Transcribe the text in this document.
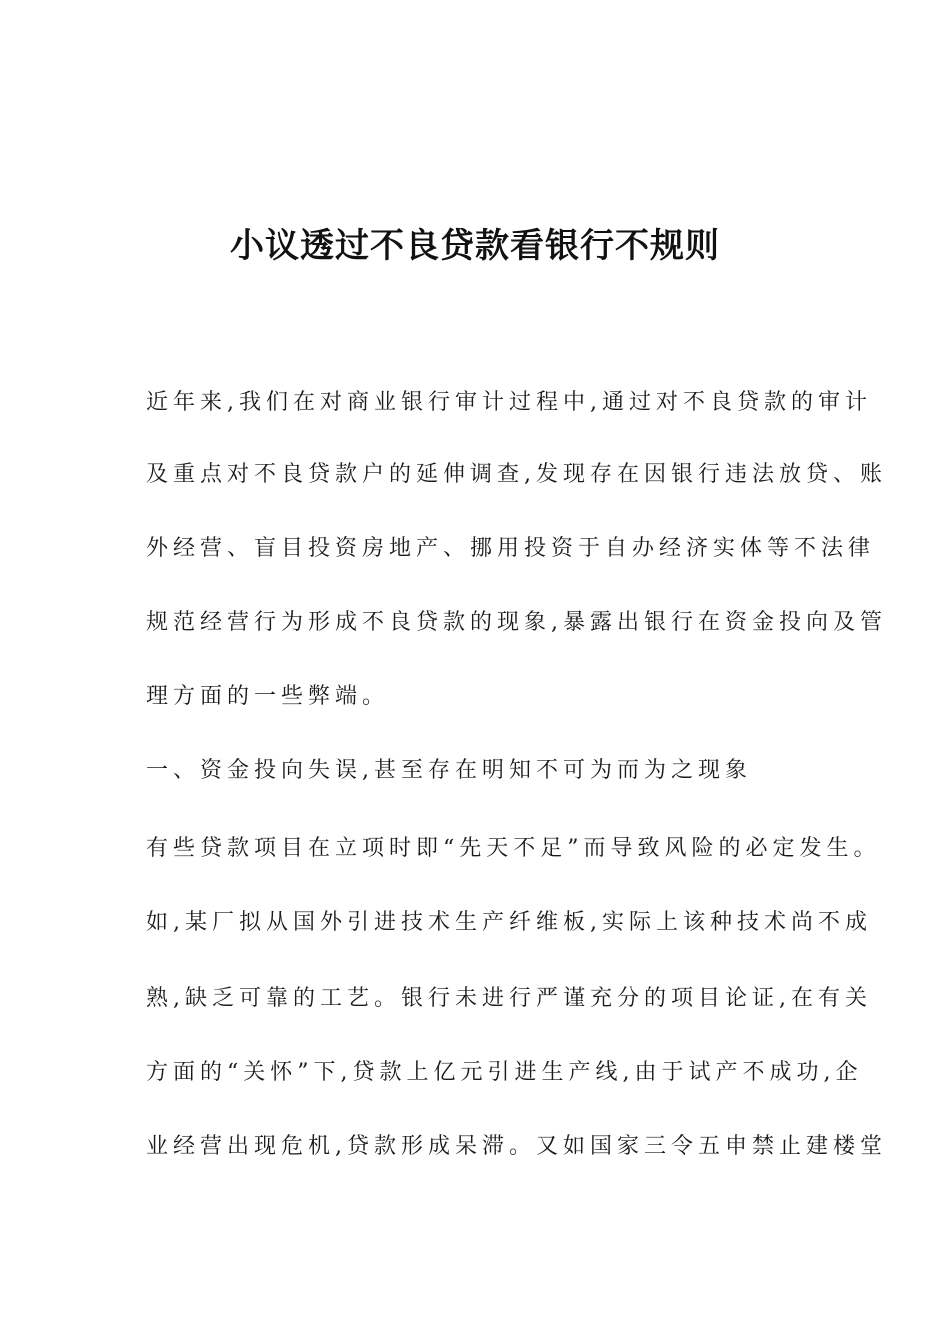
小议透过不良贷款看银行不规则
近年来,我们在对商业银行审计过程中,通过对不良贷款的审计
及重点对不良贷款户的延伸调查,发现存在因银行违法放贷、账
外经营、盲目投资房地产、挪用投资于自办经济实体等不法律
规范经营行为形成不良贷款的现象,暴露出银行在资金投向及管
理方面的一些弊端。
一、资金投向失误,甚至存在明知不可为而为之现象
有些贷款项目在立项时即“先天不足”而导致风险的必定发生。
如,某厂拟从国外引进技术生产纤维板,实际上该种技术尚不成
熟,缺乏可靠的工艺。银行未进行严谨充分的项目论证,在有关
方面的“关怀”下,贷款上亿元引进生产线,由于试产不成功,企
业经营出现危机,贷款形成呆滞。又如国家三令五申禁止建楼堂
